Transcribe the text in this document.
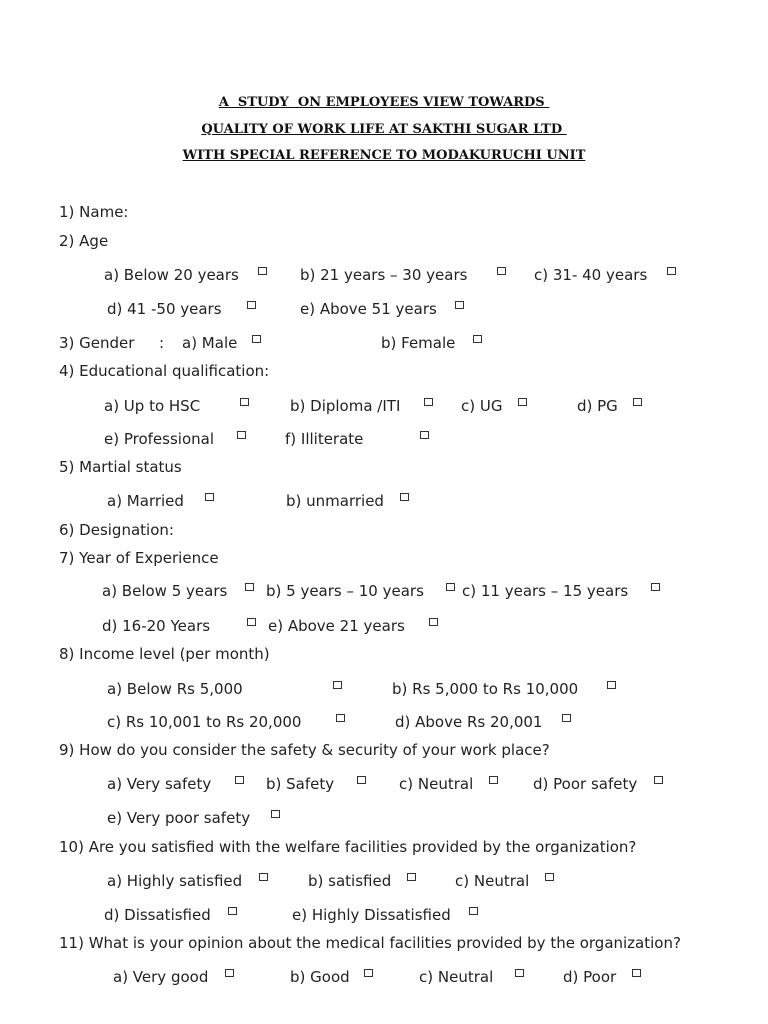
A  STUDY  ON EMPLOYEES VIEW TOWARDS
QUALITY OF WORK LIFE AT SAKTHI SUGAR LTD
WITH SPECIAL REFERENCE TO MODAKURUCHI UNIT
1) Name:
2) Age
a) Below 20 years	b) 21 years – 30 years	c) 31- 40 years
d) 41 -50 years	e) Above 51 years
3) Gender : a) Male	b) Female
4) Educational qualification:
a) Up to HSC	b) Diploma /ITI	c) UG	d) PG
e) Professional	f) Illiterate
5) Martial status
a) Married	b) unmarried
6) Designation:
7) Year of Experience
a) Below 5 years	b) 5 years – 10 years	c) 11 years – 15 years
d) 16-20 Years	e) Above 21 years
8) Income level (per month)
a) Below Rs 5,000	b) Rs 5,000 to Rs 10,000
c) Rs 10,001 to Rs 20,000	d) Above Rs 20,001
9) How do you consider the safety & security of your work place?
a) Very safety	b) Safety	c) Neutral	d) Poor safety
e) Very poor safety
10) Are you satisfied with the welfare facilities provided by the organization?
a) Highly satisfied	b) satisfied	c) Neutral
d) Dissatisfied	e) Highly Dissatisfied
11) What is your opinion about the medical facilities provided by the organization?
a) Very good	b) Good	c) Neutral	d) Poor
